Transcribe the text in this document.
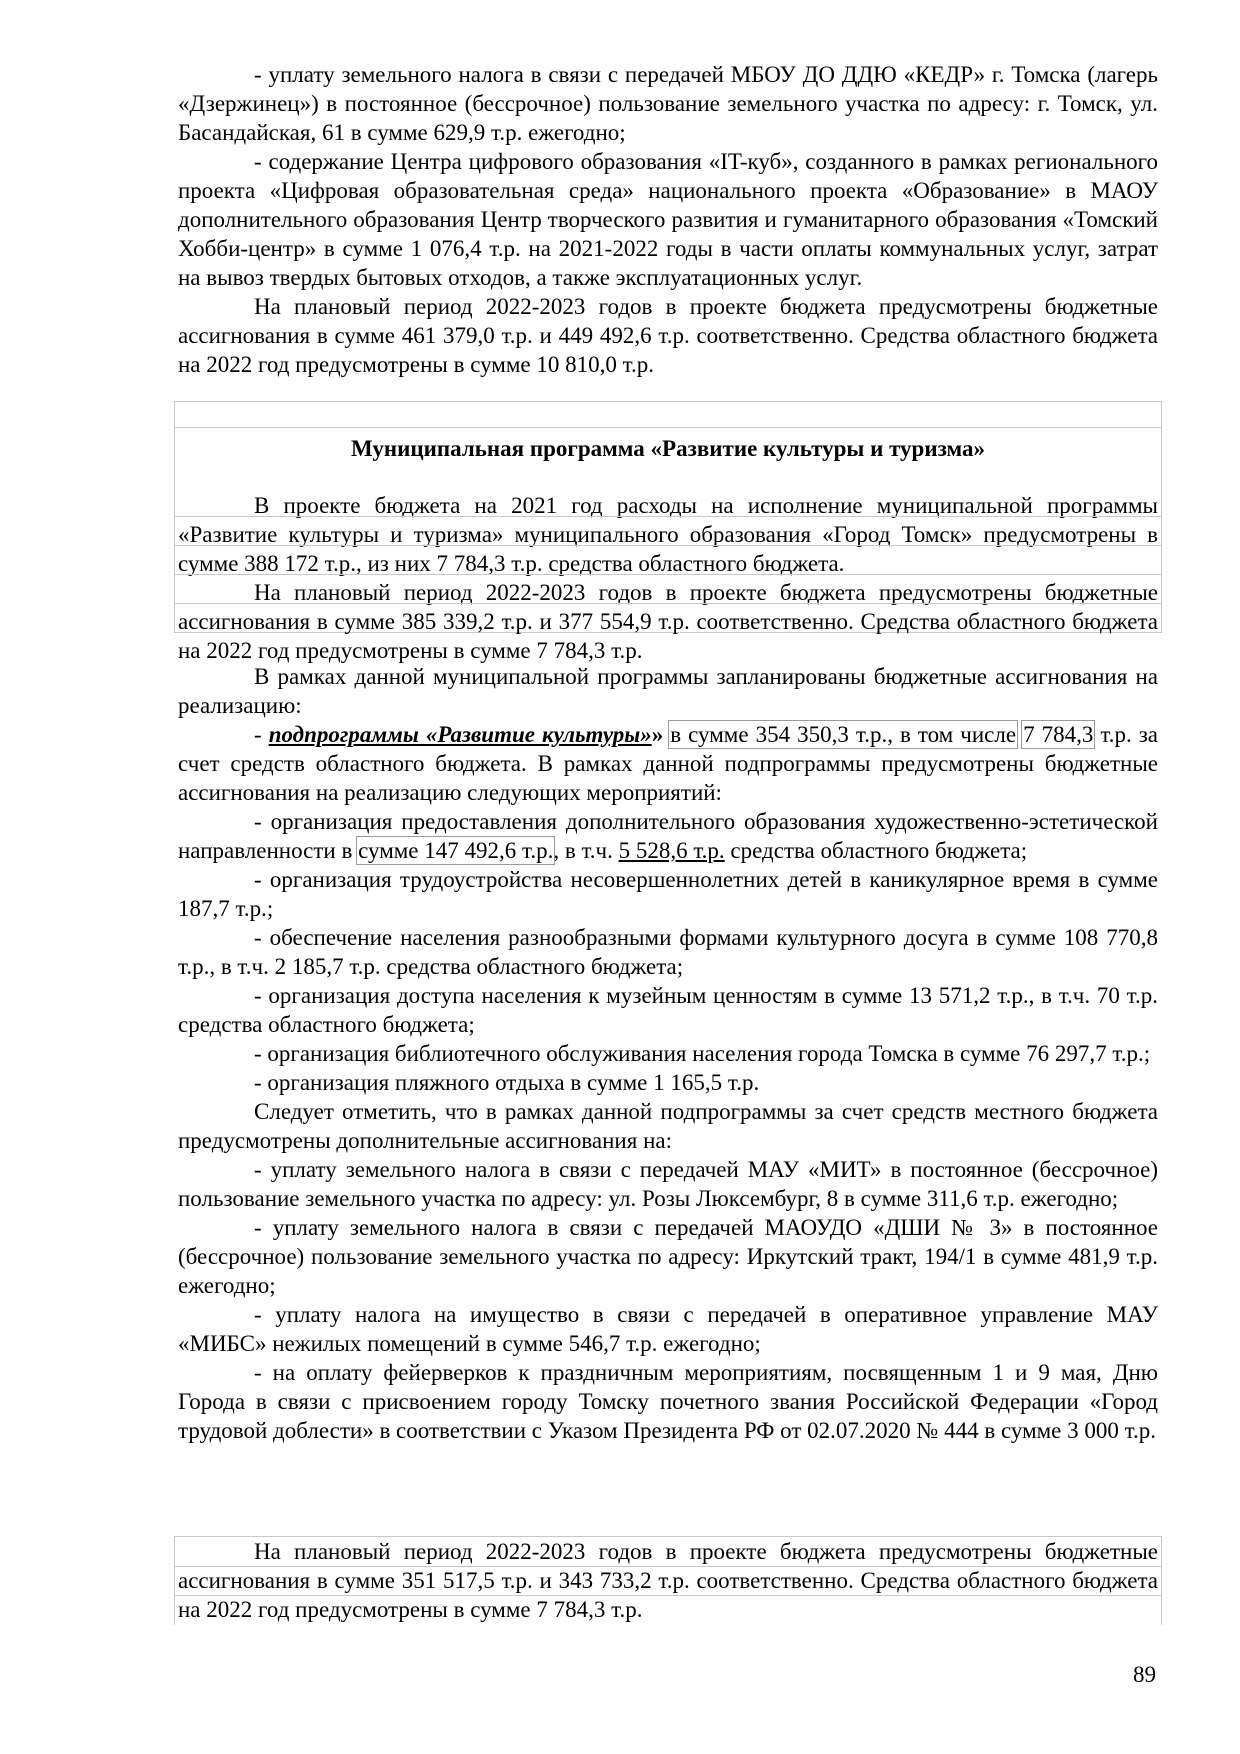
- уплату земельного налога в связи с передачей МБОУ ДО ДДЮ «КЕДР» г. Томска (лагерь «Дзержинец») в постоянное (бессрочное) пользование земельного участка по адресу: г. Томск, ул. Басандайская, 61 в сумме 629,9 т.р. ежегодно;

- содержание Центра цифрового образования «IT-куб», созданного в рамках регионального проекта «Цифровая образовательная среда» национального проекта «Образование» в МАОУ дополнительного образования Центр творческого развития и гуманитарного образования «Томский Хобби-центр» в сумме 1 076,4 т.р. на 2021-2022 годы в части оплаты коммунальных услуг, затрат на вывоз твердых бытовых отходов, а также эксплуатационных услуг.

На плановый период 2022-2023 годов в проекте бюджета предусмотрены бюджетные ассигнования в сумме 461 379,0 т.р. и 449 492,6 т.р. соответственно. Средства областного бюджета на 2022 год предусмотрены в сумме 10 810,0 т.р.

Муниципальная программа «Развитие культуры и туризма»

В проекте бюджета на 2021 год расходы на исполнение муниципальной программы «Развитие культуры и туризма» муниципального образования «Город Томск» предусмотрены в сумме 388 172 т.р., из них 7 784,3 т.р. средства областного бюджета.

На плановый период 2022-2023 годов в проекте бюджета предусмотрены бюджетные ассигнования в сумме 385 339,2 т.р. и 377 554,9 т.р. соответственно. Средства областного бюджета на 2022 год предусмотрены в сумме 7 784,3 т.р.

В рамках данной муниципальной программы запланированы бюджетные ассигнования на реализацию:

- подпрограммы «Развитие культуры»» в сумме 354 350,3 т.р., в том числе 7 784,3 т.р. за счет средств областного бюджета. В рамках данной подпрограммы предусмотрены бюджетные ассигнования на реализацию следующих мероприятий:

- организация предоставления дополнительного образования художественно-эстетической направленности в сумме 147 492,6 т.р., в т.ч. 5 528,6 т.р. средства областного бюджета;

- организация трудоустройства несовершеннолетних детей в каникулярное время в сумме 187,7 т.р.;

- обеспечение населения разнообразными формами культурного досуга в сумме 108 770,8 т.р., в т.ч. 2 185,7 т.р. средства областного бюджета;

- организация доступа населения к музейным ценностям в сумме 13 571,2 т.р., в т.ч. 70 т.р. средства областного бюджета;

- организация библиотечного обслуживания населения города Томска в сумме 76 297,7 т.р.;

- организация пляжного отдыха в сумме 1 165,5 т.р.

Следует отметить, что в рамках данной подпрограммы за счет средств местного бюджета предусмотрены дополнительные ассигнования на:

- уплату земельного налога в связи с передачей МАУ «МИТ» в постоянное (бессрочное) пользование земельного участка по адресу: ул. Розы Люксембург, 8 в сумме 311,6 т.р. ежегодно;

- уплату земельного налога в связи с передачей МАОУДО «ДШИ № 3» в постоянное (бессрочное) пользование земельного участка по адресу: Иркутский тракт, 194/1 в сумме 481,9 т.р. ежегодно;

- уплату налога на имущество в связи с передачей в оперативное управление МАУ «МИБС» нежилых помещений в сумме 546,7 т.р. ежегодно;

- на оплату фейерверков к праздничным мероприятиям, посвященным 1 и 9 мая, Дню Города в связи с присвоением городу Томску почетного звания Российской Федерации «Город трудовой доблести» в соответствии с Указом Президента РФ от 02.07.2020 № 444 в сумме 3 000 т.р.

На плановый период 2022-2023 годов в проекте бюджета предусмотрены бюджетные ассигнования в сумме 351 517,5 т.р. и 343 733,2 т.р. соответственно. Средства областного бюджета на 2022 год предусмотрены в сумме 7 784,3 т.р.

89
